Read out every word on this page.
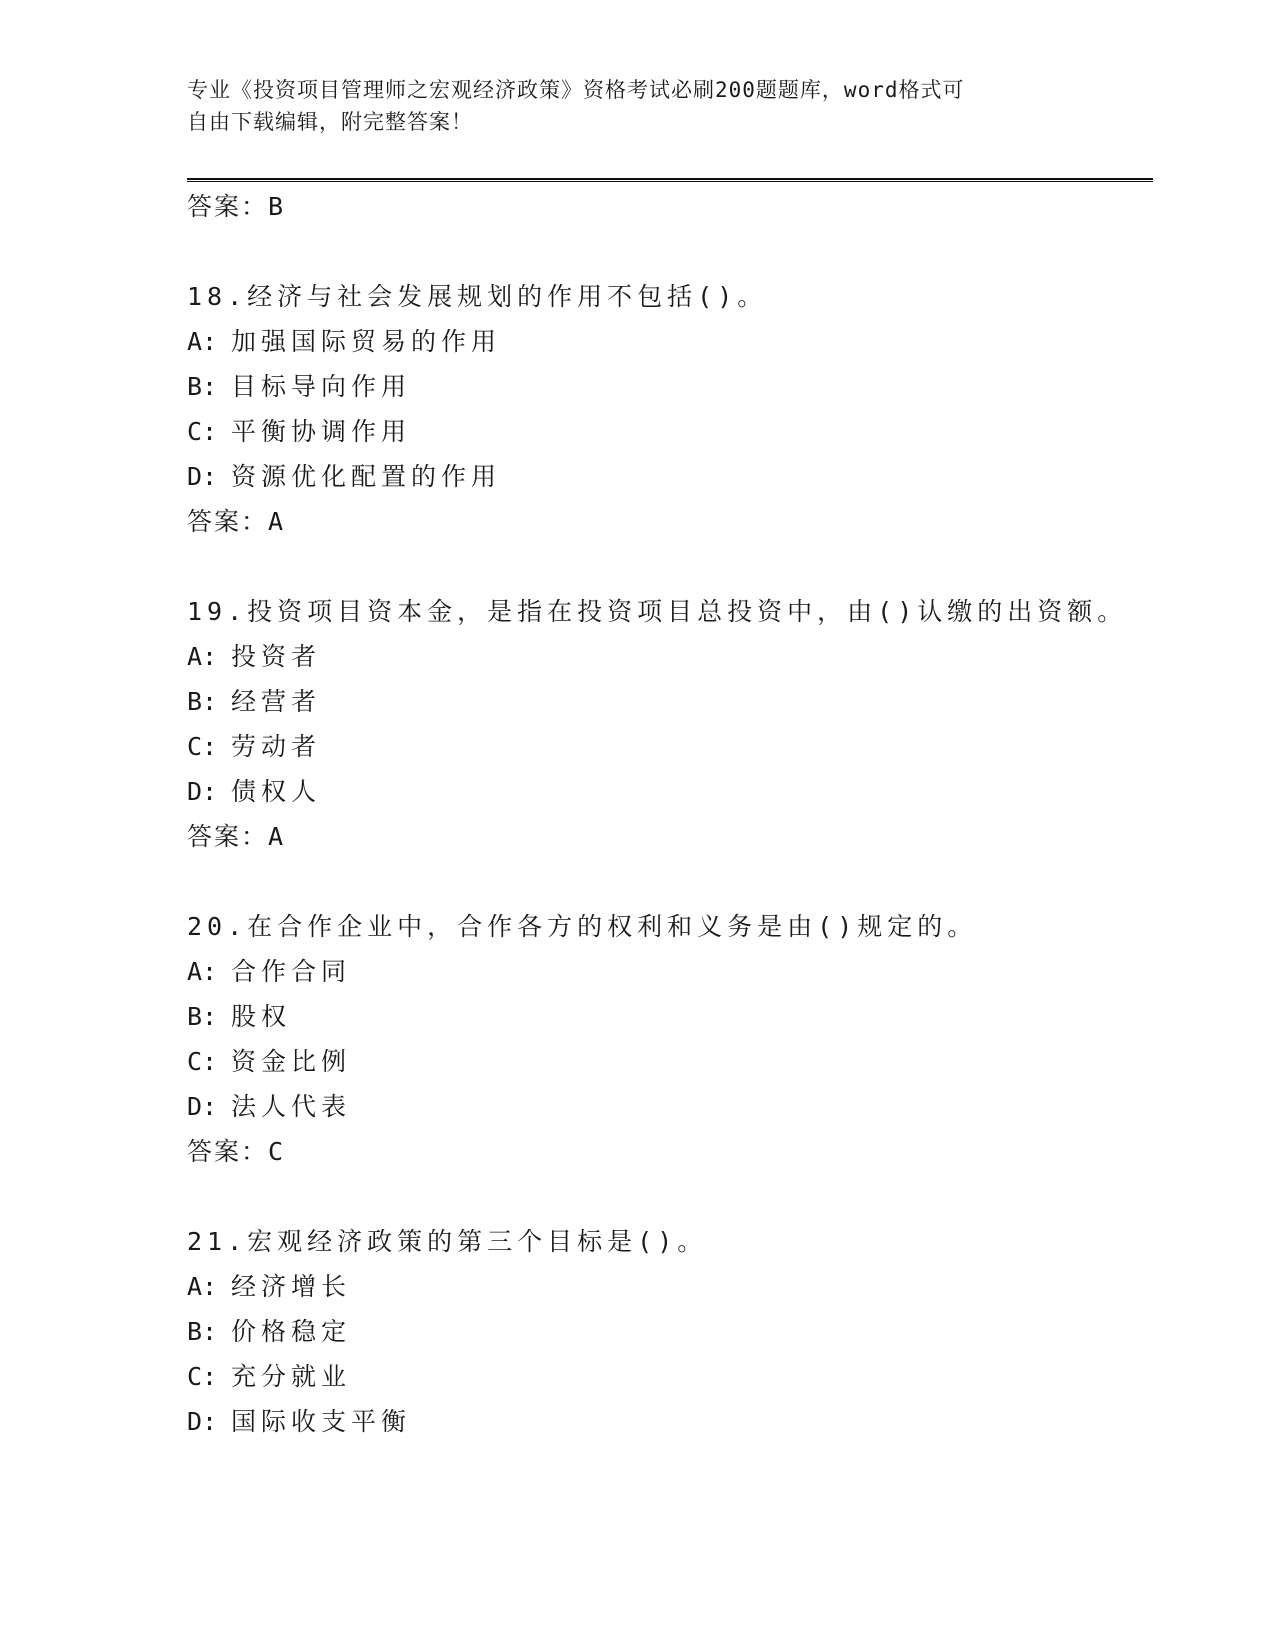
专业《投资项目管理师之宏观经济政策》资格考试必刷200题题库，word格式可
自由下载编辑，附完整答案！
答案：B
18.经济与社会发展规划的作用不包括()。
A: 加强国际贸易的作用
B: 目标导向作用
C: 平衡协调作用
D: 资源优化配置的作用
答案：A
19.投资项目资本金，是指在投资项目总投资中，由()认缴的出资额。
A: 投资者
B: 经营者
C: 劳动者
D: 债权人
答案：A
20.在合作企业中，合作各方的权利和义务是由()规定的。
A: 合作合同
B: 股权
C: 资金比例
D: 法人代表
答案：C
21.宏观经济政策的第三个目标是()。
A: 经济增长
B: 价格稳定
C: 充分就业
D: 国际收支平衡
